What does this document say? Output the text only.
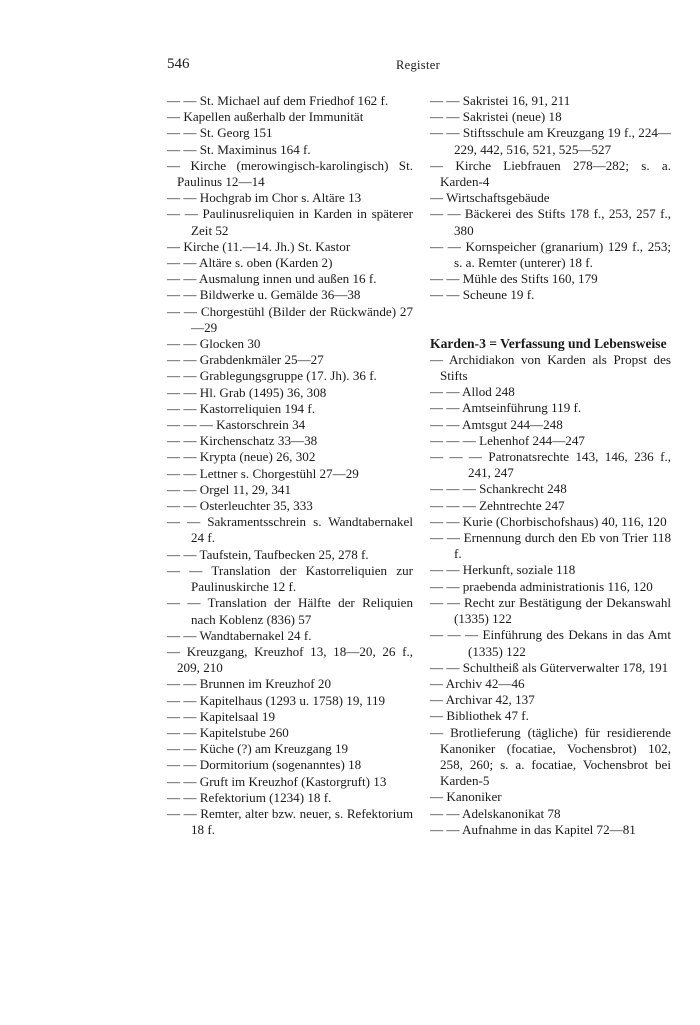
546	Register
— — St. Michael auf dem Friedhof 162 f.
— Kapellen außerhalb der Immunität
— — St. Georg 151
— — St. Maximinus 164 f.
— Kirche (merowingisch-karolingisch) St. Paulinus 12—14
— — Hochgrab im Chor s. Altäre 13
— — Paulinusreliquien in Karden in späterer Zeit 52
— Kirche (11.—14. Jh.) St. Kastor
— — Altäre s. oben (Karden 2)
— — Ausmalung innen und außen 16 f.
— — Bildwerke u. Gemälde 36—38
— — Chorgestühl (Bilder der Rückwände) 27—29
— — Glocken 30
— — Grabdenkmäler 25—27
— — Grablegungsgruppe (17. Jh). 36 f.
— — Hl. Grab (1495) 36, 308
— — Kastorreliquien 194 f.
— — — Kastorschrein 34
— — Kirchenschatz 33—38
— — Krypta (neue) 26, 302
— — Lettner s. Chorgestühl 27—29
— — Orgel 11, 29, 341
— — Osterleuchter 35, 333
— — Sakramentsschrein s. Wandtabernakel 24 f.
— — Taufstein, Taufbecken 25, 278 f.
— — Translation der Kastorreliquien zur Paulinuskirche 12 f.
— — Translation der Hälfte der Reliquien nach Koblenz (836) 57
— — Wandtabernakel 24 f.
— Kreuzgang, Kreuzhof 13, 18—20, 26 f., 209, 210
— — Brunnen im Kreuzhof 20
— — Kapitelhaus (1293 u. 1758) 19, 119
— — Kapitelsaal 19
— — Kapitelstube 260
— — Küche (?) am Kreuzgang 19
— — Dormitorium (sogenanntes) 18
— — Gruft im Kreuzhof (Kastorgruft) 13
— — Refektorium (1234) 18 f.
— — Remter, alter bzw. neuer, s. Refektorium 18 f.
— — Sakristei 16, 91, 211
— — Sakristei (neue) 18
— — Stiftsschule am Kreuzgang 19 f., 224—229, 442, 516, 521, 525—527
— Kirche Liebfrauen 278—282; s. a. Karden-4
— Wirtschaftsgebäude
— — Bäckerei des Stifts 178 f., 253, 257 f., 380
— — Kornspeicher (granarium) 129 f., 253; s. a. Remter (unterer) 18 f.
— — Mühle des Stifts 160, 179
— — Scheune 19 f.
Karden-3 = Verfassung und Lebensweise
— Archidiakon von Karden als Propst des Stifts
— — Allod 248
— — Amtseinführung 119 f.
— — Amtsgut 244—248
— — — Lehenhof 244—247
— — — Patronatsrechte 143, 146, 236 f., 241, 247
— — — Schankrecht 248
— — — Zehntrechte 247
— — Kurie (Chorbischofshaus) 40, 116, 120
— — Ernennung durch den Eb von Trier 118 f.
— — Herkunft, soziale 118
— — praebenda administrationis 116, 120
— — Recht zur Bestätigung der Dekanswahl (1335) 122
— — — Einführung des Dekans in das Amt (1335) 122
— — Schultheiß als Güterverwalter 178, 191
— Archiv 42—46
— Archivar 42, 137
— Bibliothek 47 f.
— Brotlieferung (tägliche) für residierende Kanoniker (focatiae, Vochensbrot) 102, 258, 260; s. a. focatiae, Vochensbrot bei Karden-5
— Kanoniker
— — Adelskanonikat 78
— — Aufnahme in das Kapitel 72—81
